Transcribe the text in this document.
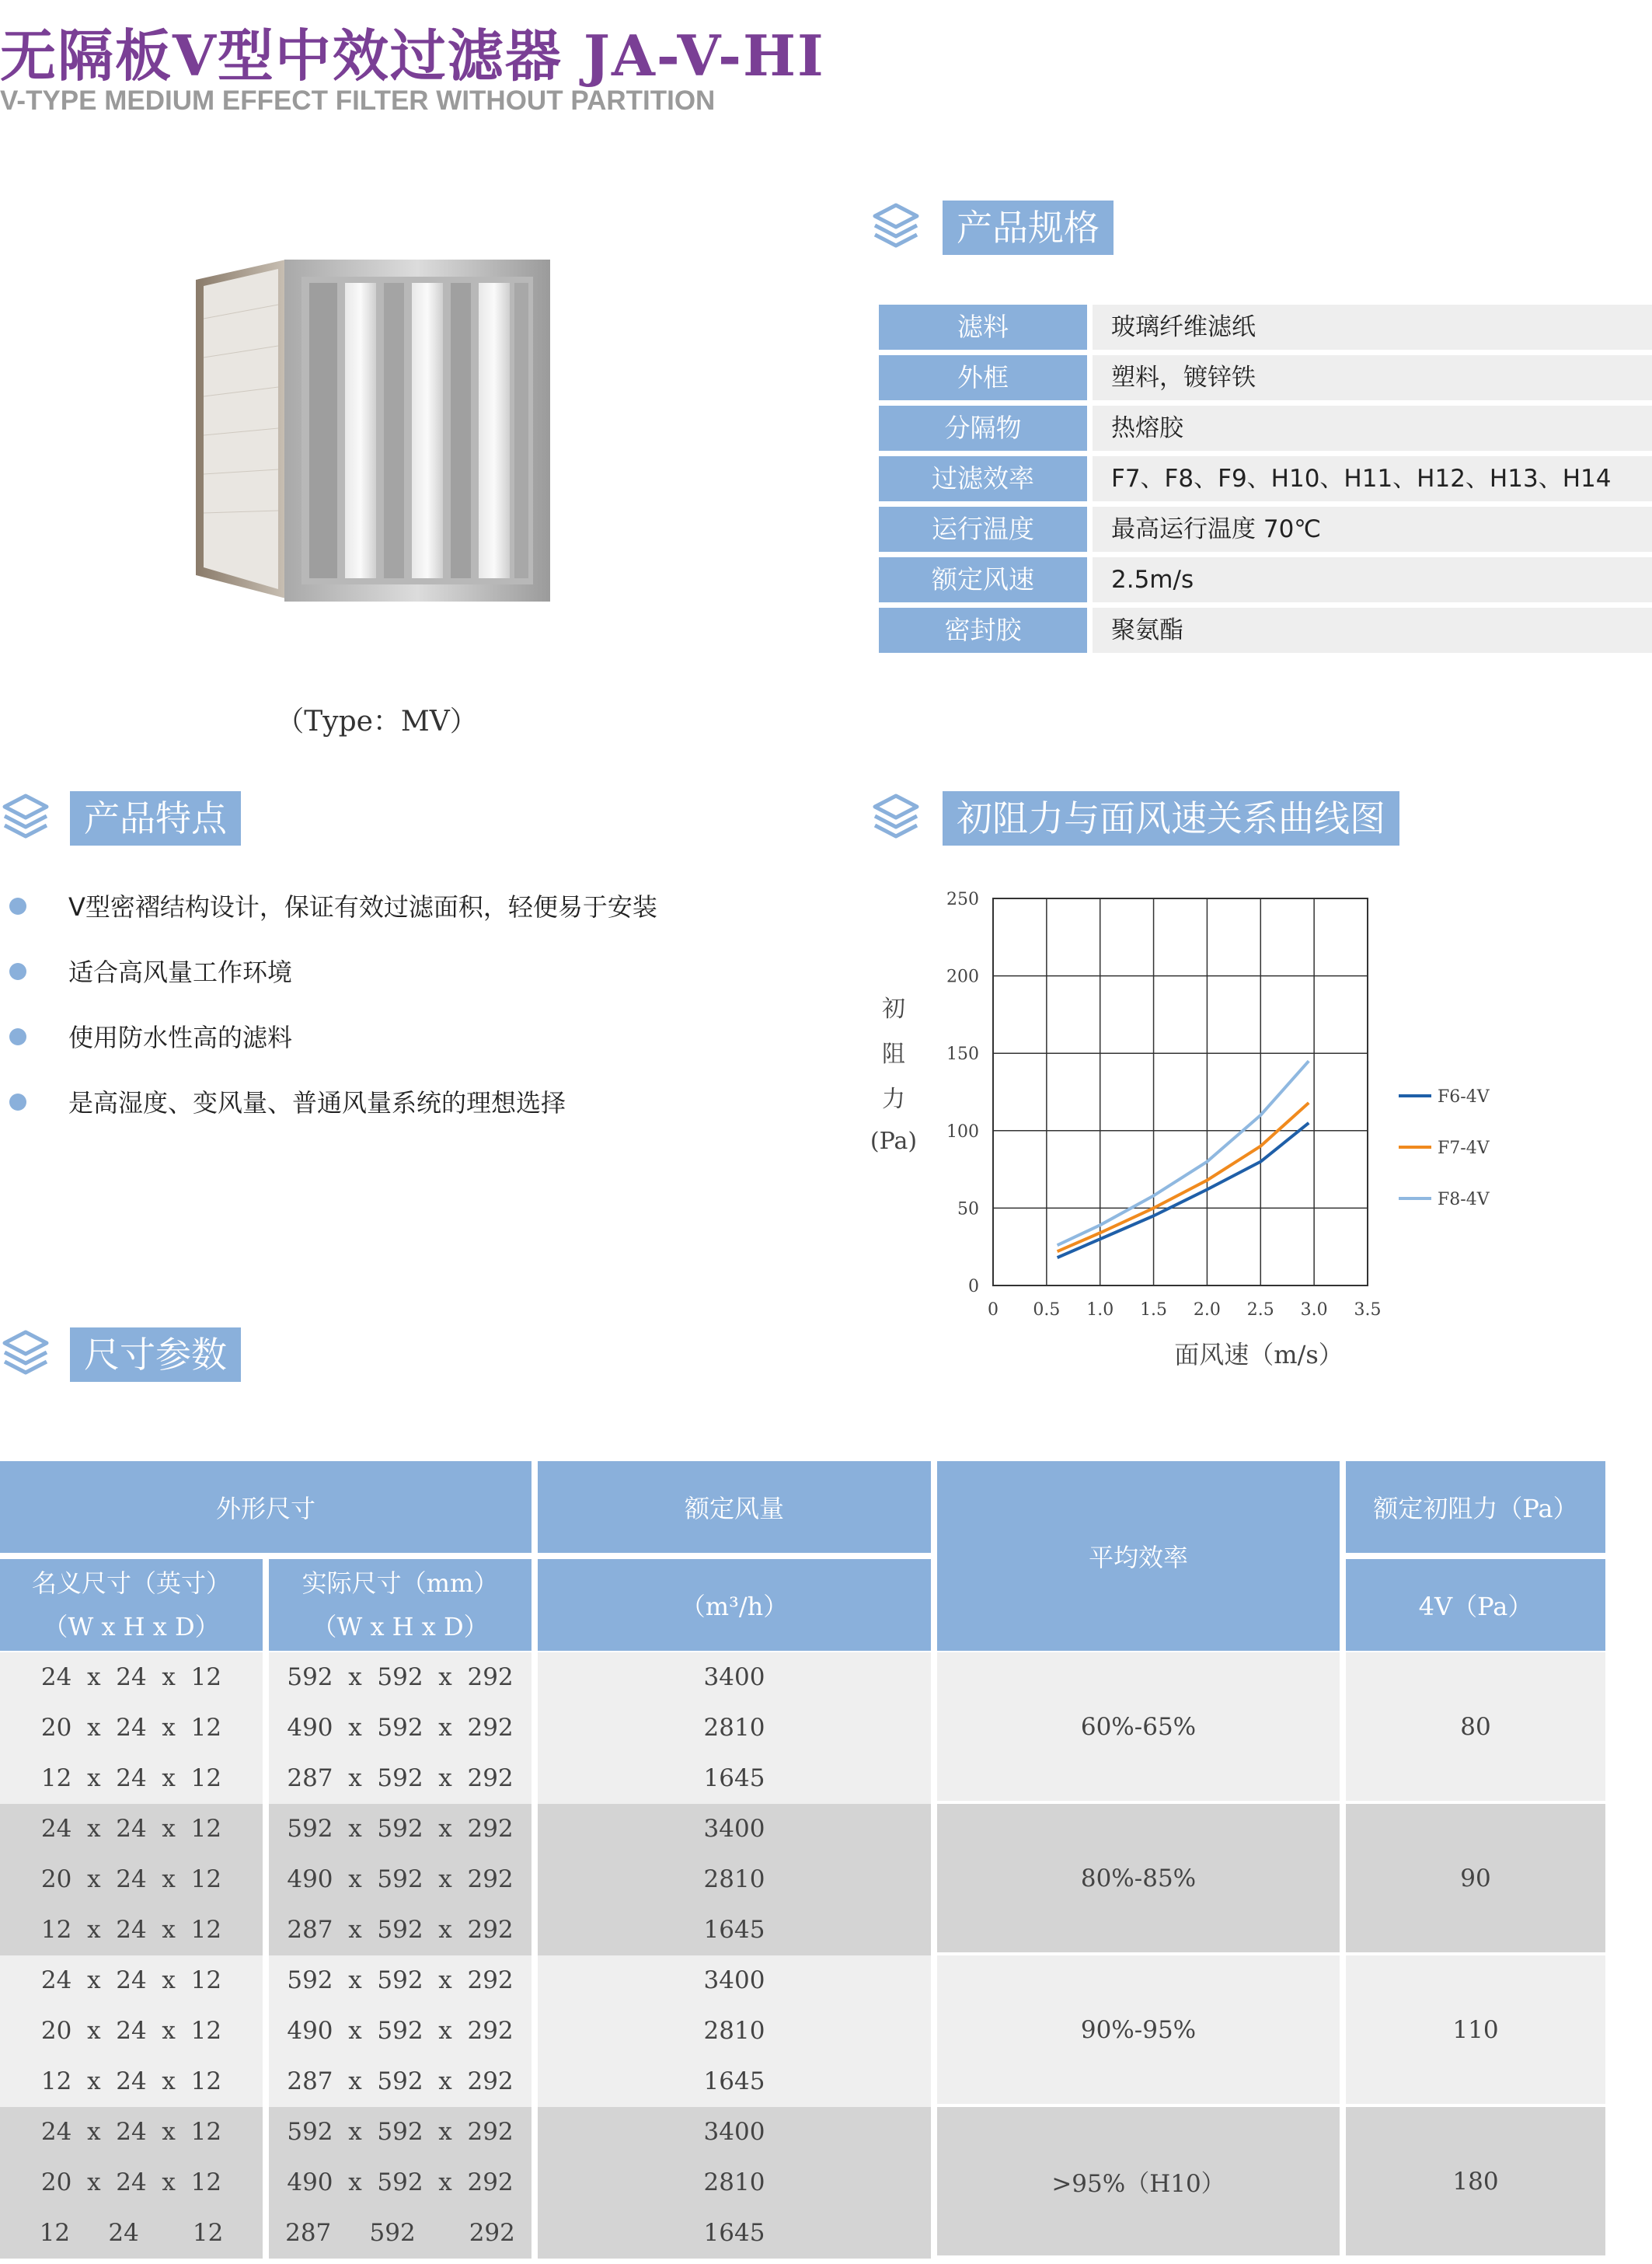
无隔板V型中效过滤器 JA-V-HI
V-TYPE MEDIUM EFFECT FILTER WITHOUT PARTITION
（Type：MV）
产品规格
滤料	玻璃纤维滤纸
外框	塑料，镀锌铁
分隔物	热熔胶
过滤效率	F7、F8、F9、H10、H11、H12、H13、H14
运行温度	最高运行温度 70℃
额定风速	2.5m/s
密封胶	聚氨酯
产品特点
V型密褶结构设计，保证有效过滤面积，轻便易于安装
适合高风量工作环境
使用防水性高的滤料
是高湿度、变风量、普通风量系统的理想选择
初阻力与面风速关系曲线图
初
阻
力
(Pa)
0 0.5 1.0 1.5 2.0 2.5 3.0 3.5
0
50
100
150
200
250
F6-4V
F7-4V
F8-4V
面风速（m/s）
尺寸参数
外形尺寸
名义尺寸（英寸）
（W x H x D）
实际尺寸（mm）
（W x H x D）
额定风量
（m³/h）
平均效率
额定初阻力（Pa）
4V（Pa）
24  x  24  x  12	592  x  592  x  292	3400
20  x  24  x  12	490  x  592  x  292	2810
12  x  24  x  12	287  x  592  x  292	1645
60%-65%	80
24  x  24  x  12	592  x  592  x  292	3400
20  x  24  x  12	490  x  592  x  292	2810
12  x  24  x  12	287  x  592  x  292	1645
80%-85%	90
24  x  24  x  12	592  x  592  x  292	3400
20  x  24  x  12	490  x  592  x  292	2810
12  x  24  x  12	287  x  592  x  292	1645
90%-95%	110
24  x  24  x  12	592  x  592  x  292	3400
20  x  24  x  12	490  x  592  x  292	2810
12     24       12	287     592       292	1645
>95%（H10）	180
